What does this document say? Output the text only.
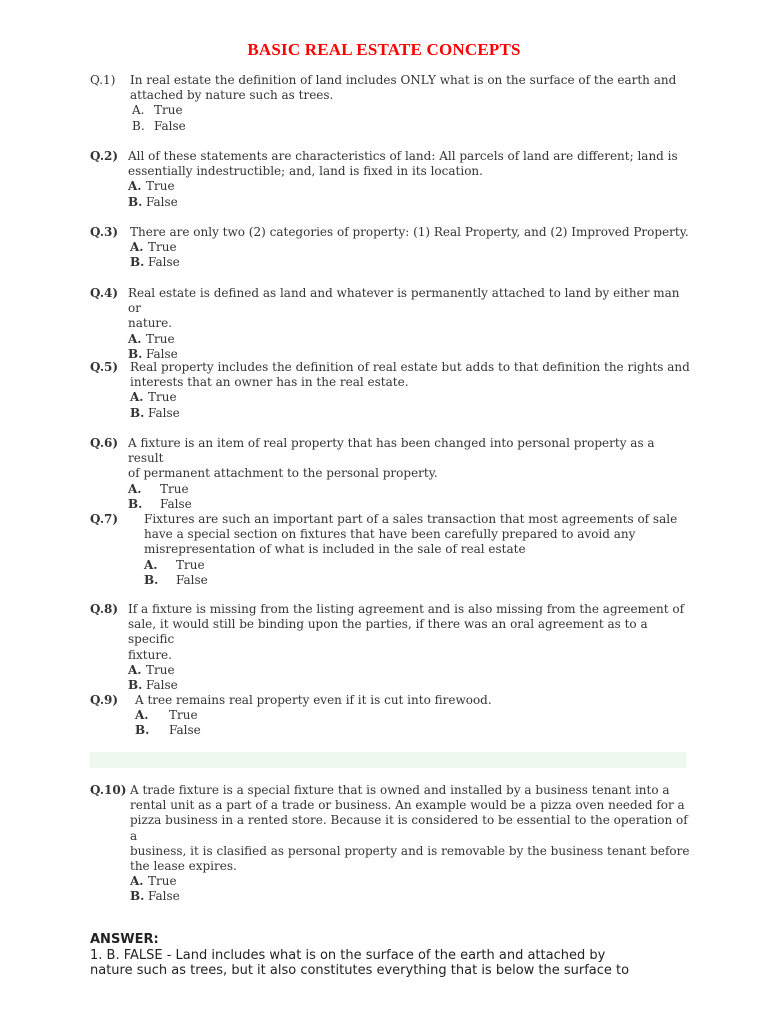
BASIC REAL ESTATE CONCEPTS
Q.1)	In real estate the definition of land includes ONLY what is on the surface of the earth and
attached by nature such as trees.
A. True
B. False
Q.2) All of these statements are characteristics of land: All parcels of land are different; land is
essentially indestructible; and, land is fixed in its location.
A. True
B. False
Q.3) There are only two (2) categories of property: (1) Real Property, and (2) Improved Property.
A. True
B. False
Q.4) Real estate is defined as land and whatever is permanently attached to land by either man or
nature.
A. True
B. False
Q.5) Real property includes the definition of real estate but adds to that definition the rights and
interests that an owner has in the real estate.
A. True
B. False
Q.6) A fixture is an item of real property that has been changed into personal property as a result
of permanent attachment to the personal property.
A.	True
B.	False
Q.7)	Fixtures are such an important part of a sales transaction that most agreements of sale
have a special section on fixtures that have been carefully prepared to avoid any
misrepresentation of what is included in the sale of real estate
A.	True
B.	False
Q.8) If a fixture is missing from the listing agreement and is also missing from the agreement of
sale, it would still be binding upon the parties, if there was an oral agreement as to a specific
fixture.
A. True
B. False
Q.9)	A tree remains real property even if it is cut into firewood.
A.	True
B.	False
Q.10) A trade fixture is a special fixture that is owned and installed by a business tenant into a
rental unit as a part of a trade or business. An example would be a pizza oven needed for a
pizza business in a rented store. Because it is considered to be essential to the operation of a
business, it is clasified as personal property and is removable by the business tenant before
the lease expires.
A. True
B. False
ANSWER:
1. B. FALSE - Land includes what is on the surface of the earth and attached by
nature such as trees, but it also constitutes everything that is below the surface to
